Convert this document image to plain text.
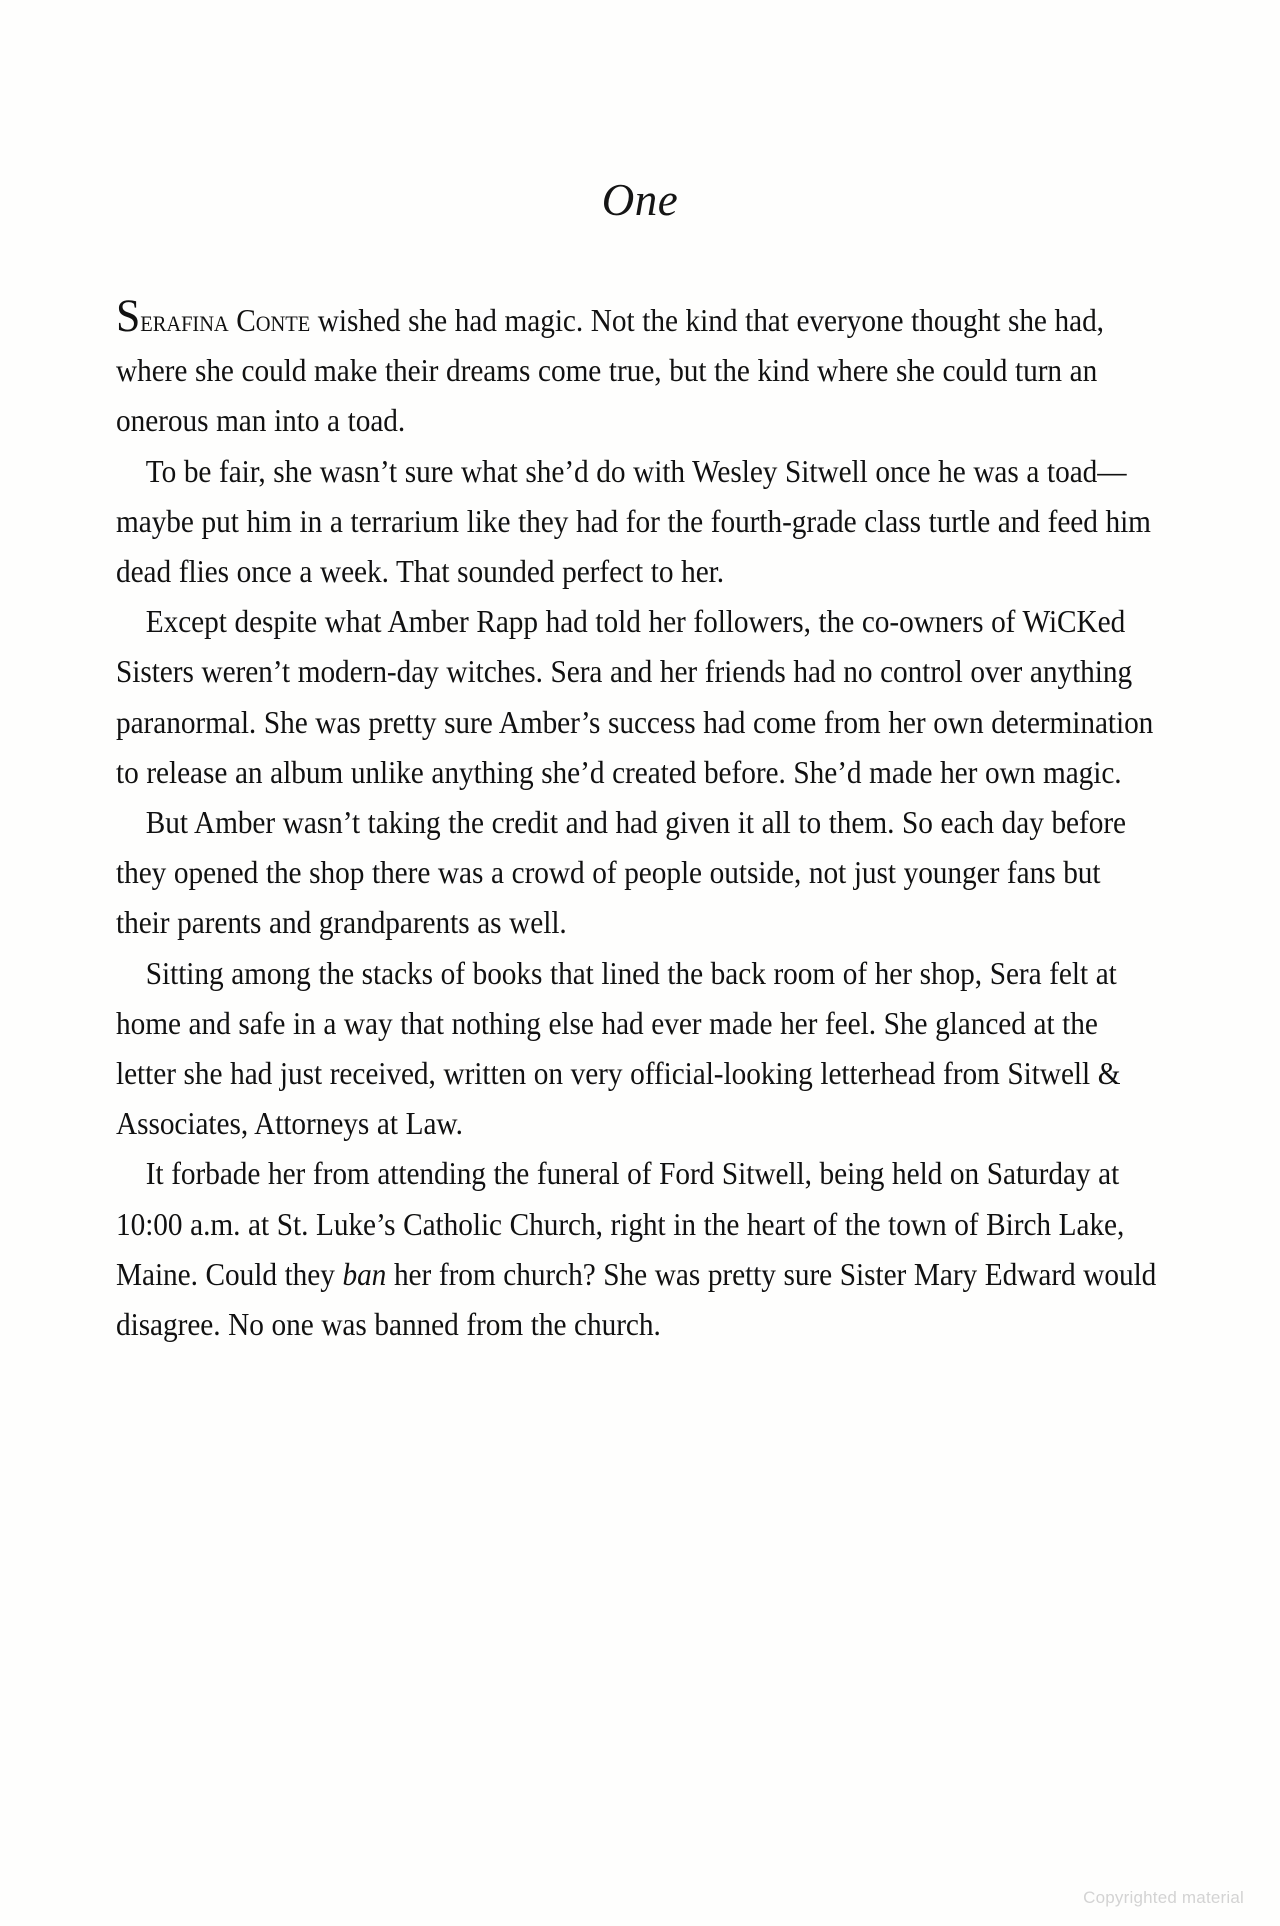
One

Serafina Conte wished she had magic. Not the kind that everyone thought she had, where she could make their dreams come true, but the kind where she could turn an onerous man into a toad.

To be fair, she wasn’t sure what she’d do with Wesley Sitwell once he was a toad—maybe put him in a terrarium like they had for the fourth-grade class turtle and feed him dead flies once a week. That sounded perfect to her.

Except despite what Amber Rapp had told her followers, the co-owners of WiCKed Sisters weren’t modern-day witches. Sera and her friends had no control over anything paranormal. She was pretty sure Amber’s success had come from her own determination to release an album unlike anything she’d created before. She’d made her own magic.

But Amber wasn’t taking the credit and had given it all to them. So each day before they opened the shop there was a crowd of people outside, not just younger fans but their parents and grandparents as well.

Sitting among the stacks of books that lined the back room of her shop, Sera felt at home and safe in a way that nothing else had ever made her feel. She glanced at the letter she had just received, written on very official-looking letterhead from Sitwell & Associates, Attorneys at Law.

It forbade her from attending the funeral of Ford Sitwell, being held on Saturday at 10:00 a.m. at St. Luke’s Catholic Church, right in the heart of the town of Birch Lake, Maine. Could they ban her from church? She was pretty sure Sister Mary Edward would disagree. No one was banned from the church.

Copyrighted material
